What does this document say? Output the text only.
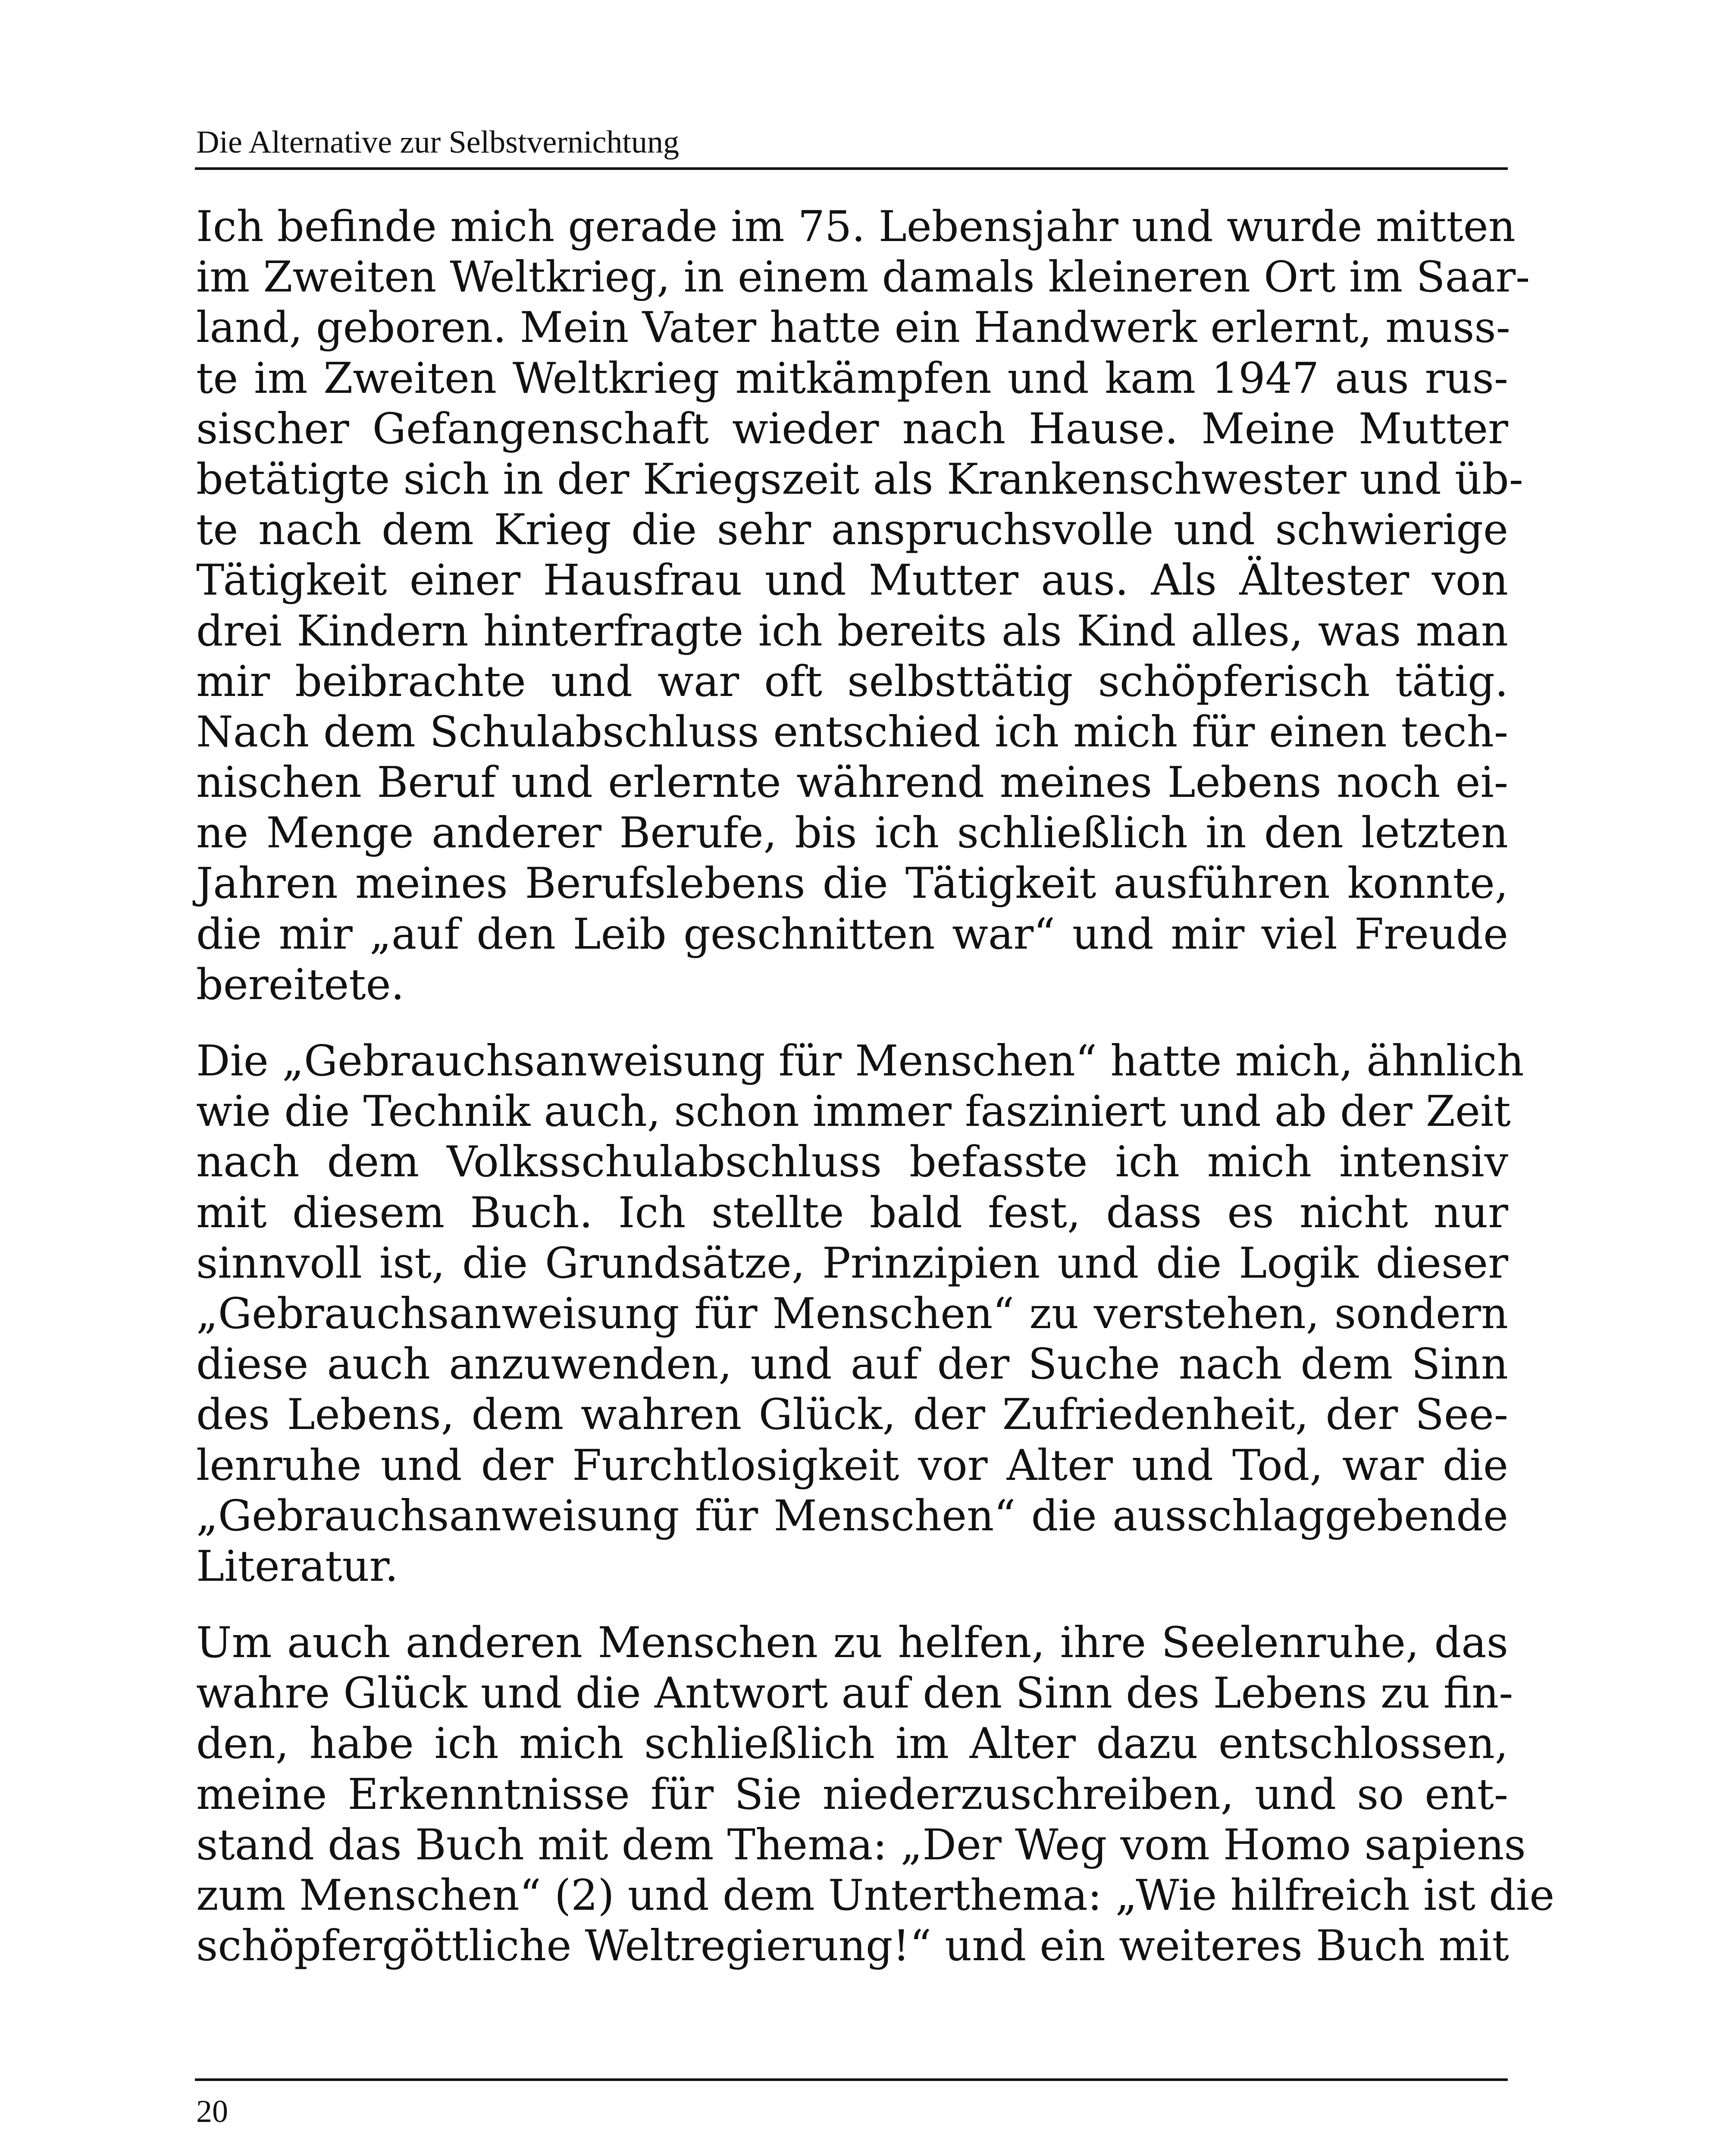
Die Alternative zur Selbstvernichtung

Ich befinde mich gerade im 75. Lebensjahr und wurde mitten
im Zweiten Weltkrieg, in einem damals kleineren Ort im Saar-
land, geboren. Mein Vater hatte ein Handwerk erlernt, muss-
te im Zweiten Weltkrieg mitkämpfen und kam 1947 aus rus-
sischer Gefangenschaft wieder nach Hause. Meine Mutter
betätigte sich in der Kriegszeit als Krankenschwester und üb-
te nach dem Krieg die sehr anspruchsvolle und schwierige
Tätigkeit einer Hausfrau und Mutter aus. Als Ältester von
drei Kindern hinterfragte ich bereits als Kind alles, was man
mir beibrachte und war oft selbsttätig schöpferisch tätig.
Nach dem Schulabschluss entschied ich mich für einen tech-
nischen Beruf und erlernte während meines Lebens noch ei-
ne Menge anderer Berufe, bis ich schließlich in den letzten
Jahren meines Berufslebens die Tätigkeit ausführen konnte,
die mir „auf den Leib geschnitten war“ und mir viel Freude
bereitete.

Die „Gebrauchsanweisung für Menschen“ hatte mich, ähnlich
wie die Technik auch, schon immer fasziniert und ab der Zeit
nach dem Volksschulabschluss befasste ich mich intensiv
mit diesem Buch. Ich stellte bald fest, dass es nicht nur
sinnvoll ist, die Grundsätze, Prinzipien und die Logik dieser
„Gebrauchsanweisung für Menschen“ zu verstehen, sondern
diese auch anzuwenden, und auf der Suche nach dem Sinn
des Lebens, dem wahren Glück, der Zufriedenheit, der See-
lenruhe und der Furchtlosigkeit vor Alter und Tod, war die
„Gebrauchsanweisung für Menschen“ die ausschlaggebende
Literatur.

Um auch anderen Menschen zu helfen, ihre Seelenruhe, das
wahre Glück und die Antwort auf den Sinn des Lebens zu fin-
den, habe ich mich schließlich im Alter dazu entschlossen,
meine Erkenntnisse für Sie niederzuschreiben, und so ent-
stand das Buch mit dem Thema: „Der Weg vom Homo sapiens
zum Menschen“ (2) und dem Unterthema: „Wie hilfreich ist die
schöpfergöttliche Weltregierung!“ und ein weiteres Buch mit

20
